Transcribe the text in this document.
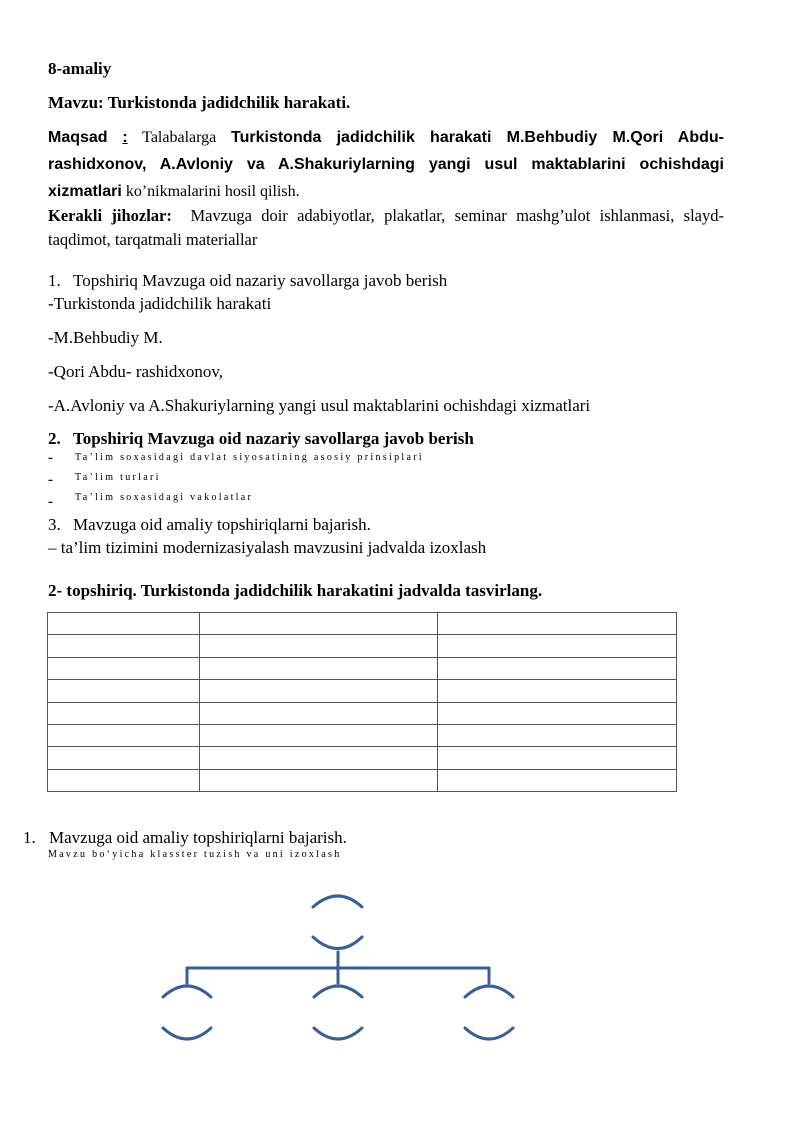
8-amaliy
Mavzu: Turkistonda jadidchilik harakati.
Maqsad : Talabalarga Turkistonda jadidchilik harakati M.Behbudiy M.Qori Abdu-rashidxonov, A.Avloniy va A.Shakuriylarning yangi usul maktablarini ochishdagi xizmatlari ko’nikmalarini hosil qilish.
Kerakli jihozlar: Mavzuga doir adabiyotlar, plakatlar, seminar mashg’ulot ishlanmasi, slayd-taqdimot, tarqatmali materiallar
1. Topshiriq Mavzuga oid nazariy savollarga javob berish
-Turkistonda jadidchilik harakati
-M.Behbudiy M.
-Qori Abdu- rashidxonov,
-A.Avloniy va A.Shakuriylarning yangi usul maktablarini ochishdagi xizmatlari
2. Topshiriq Mavzuga oid nazariy savollarga javob berish
-
-
-
Ta’lim soxasidagi davlat siyosatining asosiy prinsiplari
Ta’lim turlari
Ta’lim soxasidagi vakolatlar
3. Mavzuga oid amaliy topshiriqlarni bajarish.
– ta’lim tizimini modernizasiyalash mavzusini jadvalda izoxlash
2- topshiriq. Turkistonda jadidchilik harakatini jadvalda tasvirlang.

1. Mavzuga oid amaliy topshiriqlarni bajarish.
Mavzu bo‘yicha klasster tuzish va uni izoxlash
